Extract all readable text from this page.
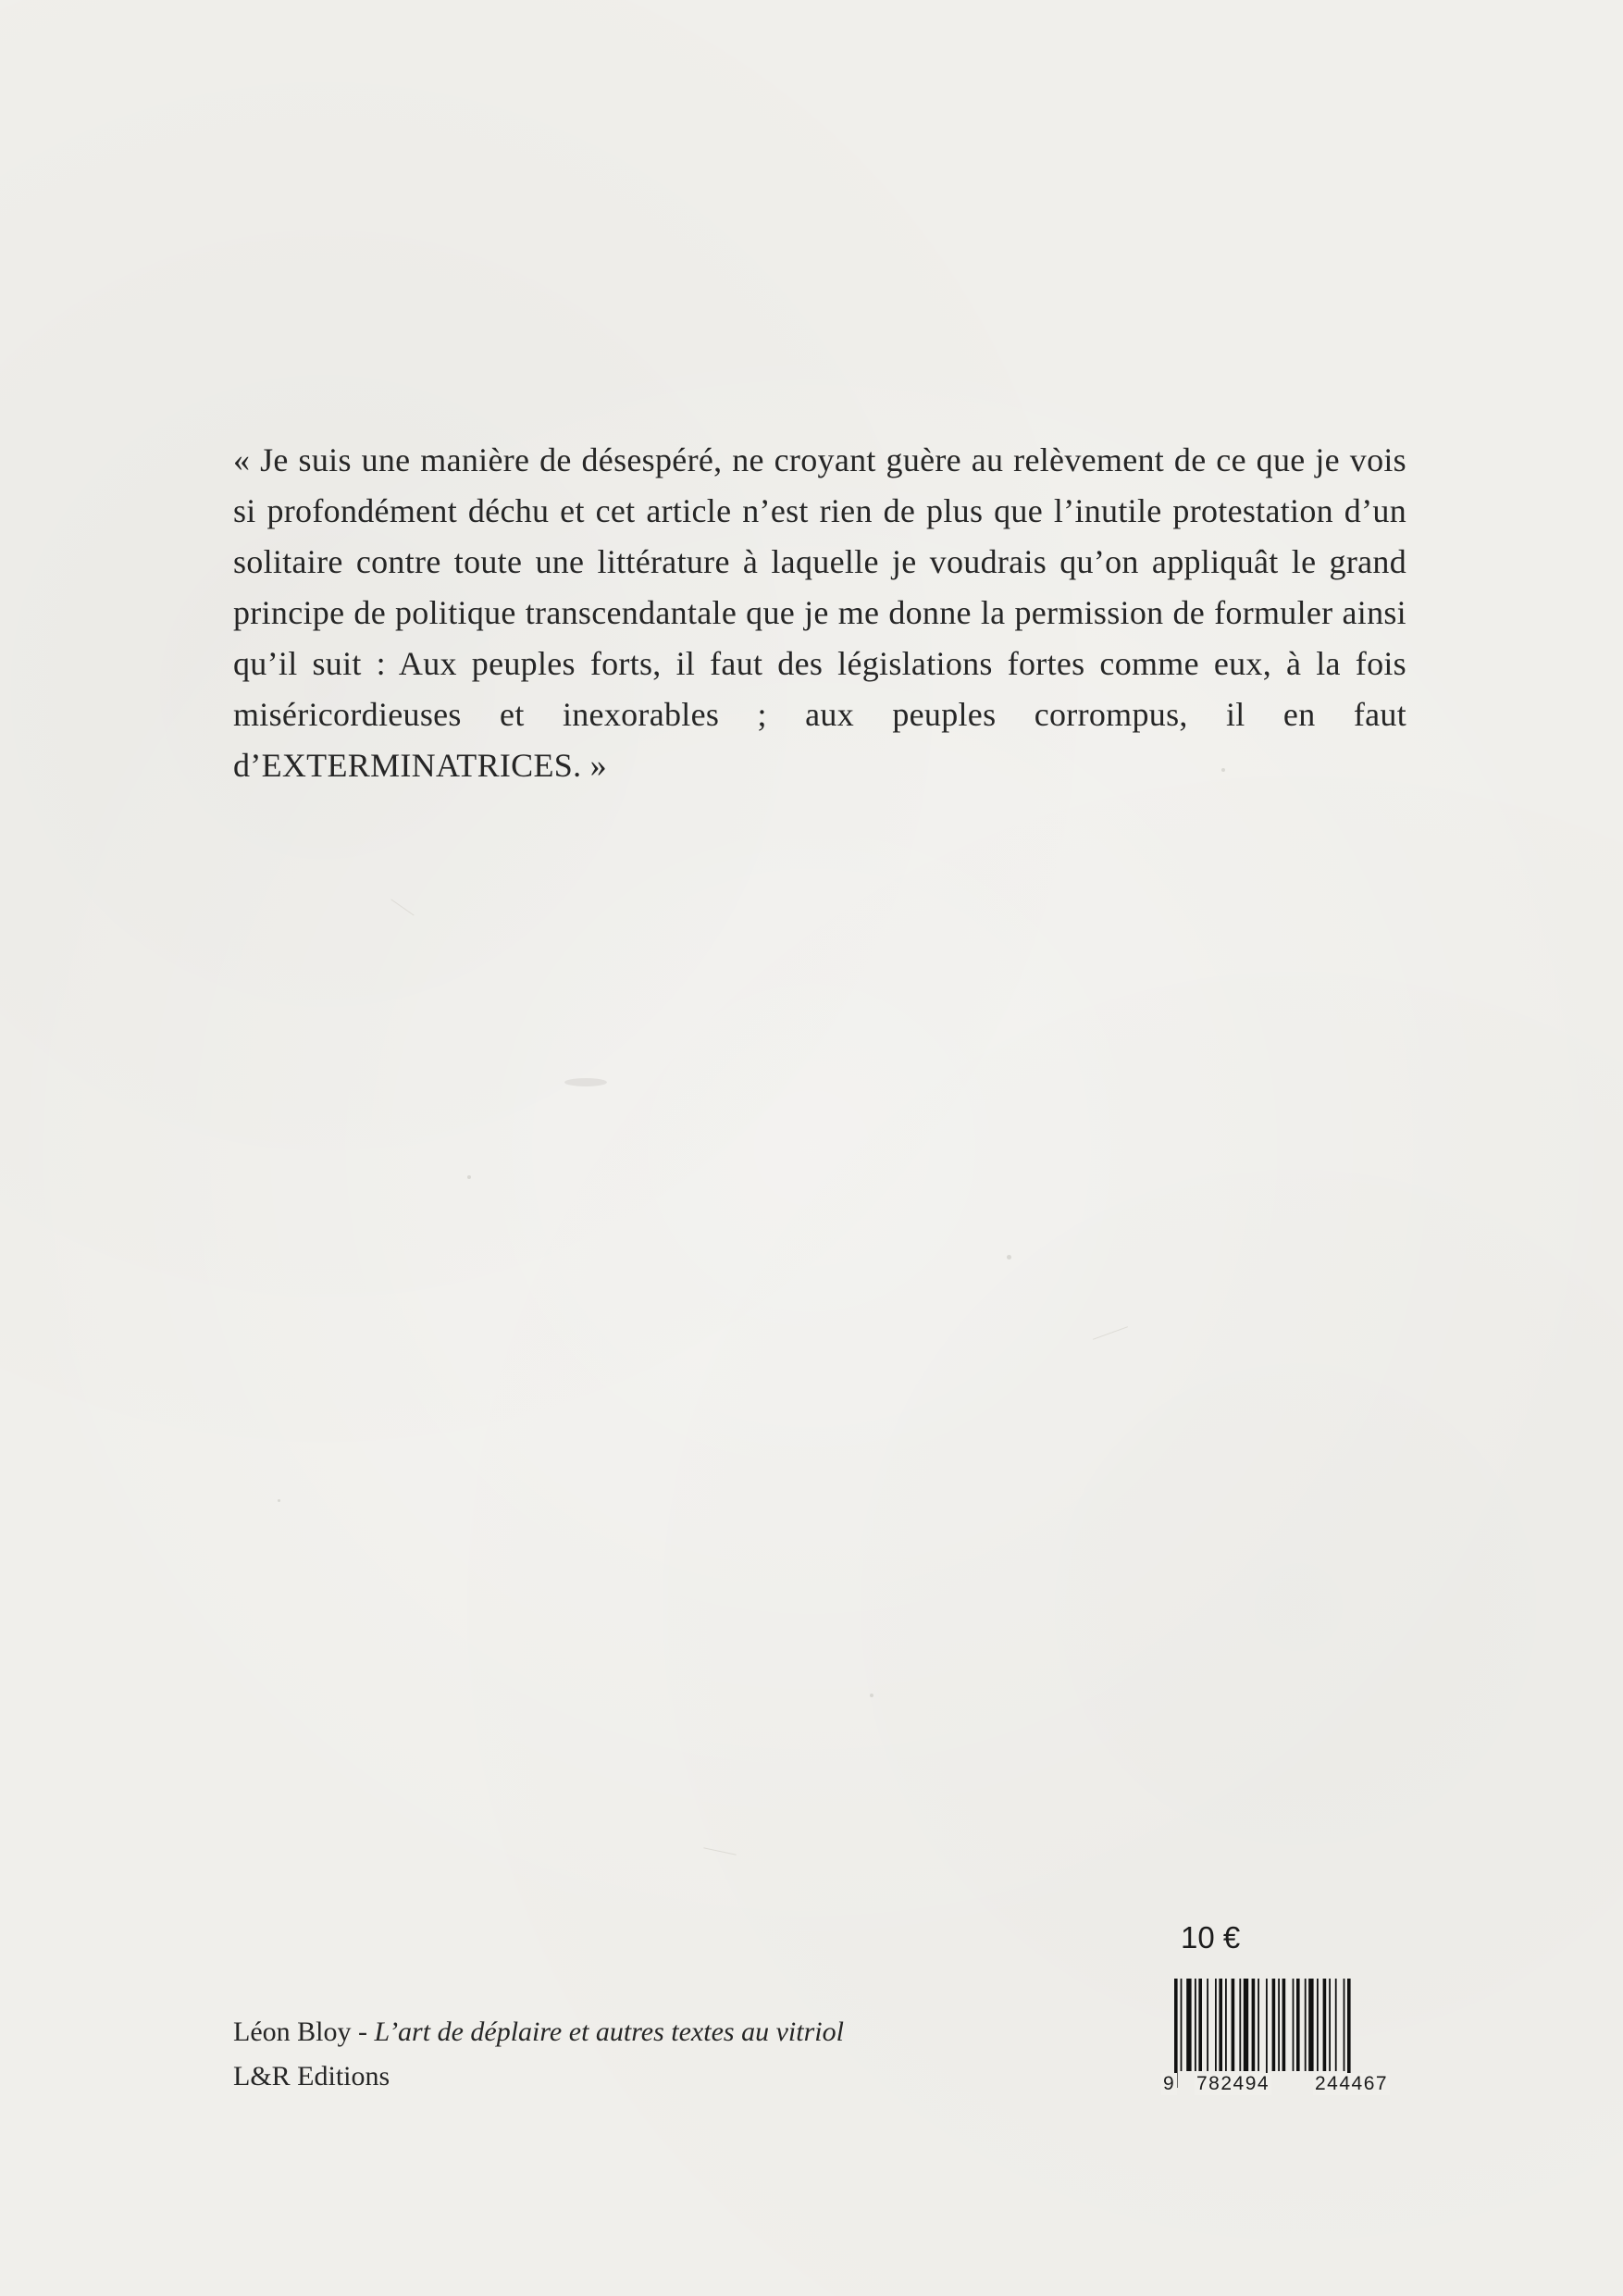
« Je suis une manière de désespéré, ne croyant guère au relèvement de ce que je vois si profondément déchu et cet article n’est rien de plus que l’inutile protestation d’un solitaire contre toute une littérature à laquelle je voudrais qu’on appliquât le grand principe de politique transcendantale que je me donne la permission de formuler ainsi qu’il suit : Aux peuples forts, il faut des législations fortes comme eux, à la fois miséricordieuses et inexorables ; aux peuples corrompus, il en faut d’EXTERMINATRICES. »

Léon Bloy - L’art de déplaire et autres textes au vitriol
L&R Editions
10 €
9 782494 244467
